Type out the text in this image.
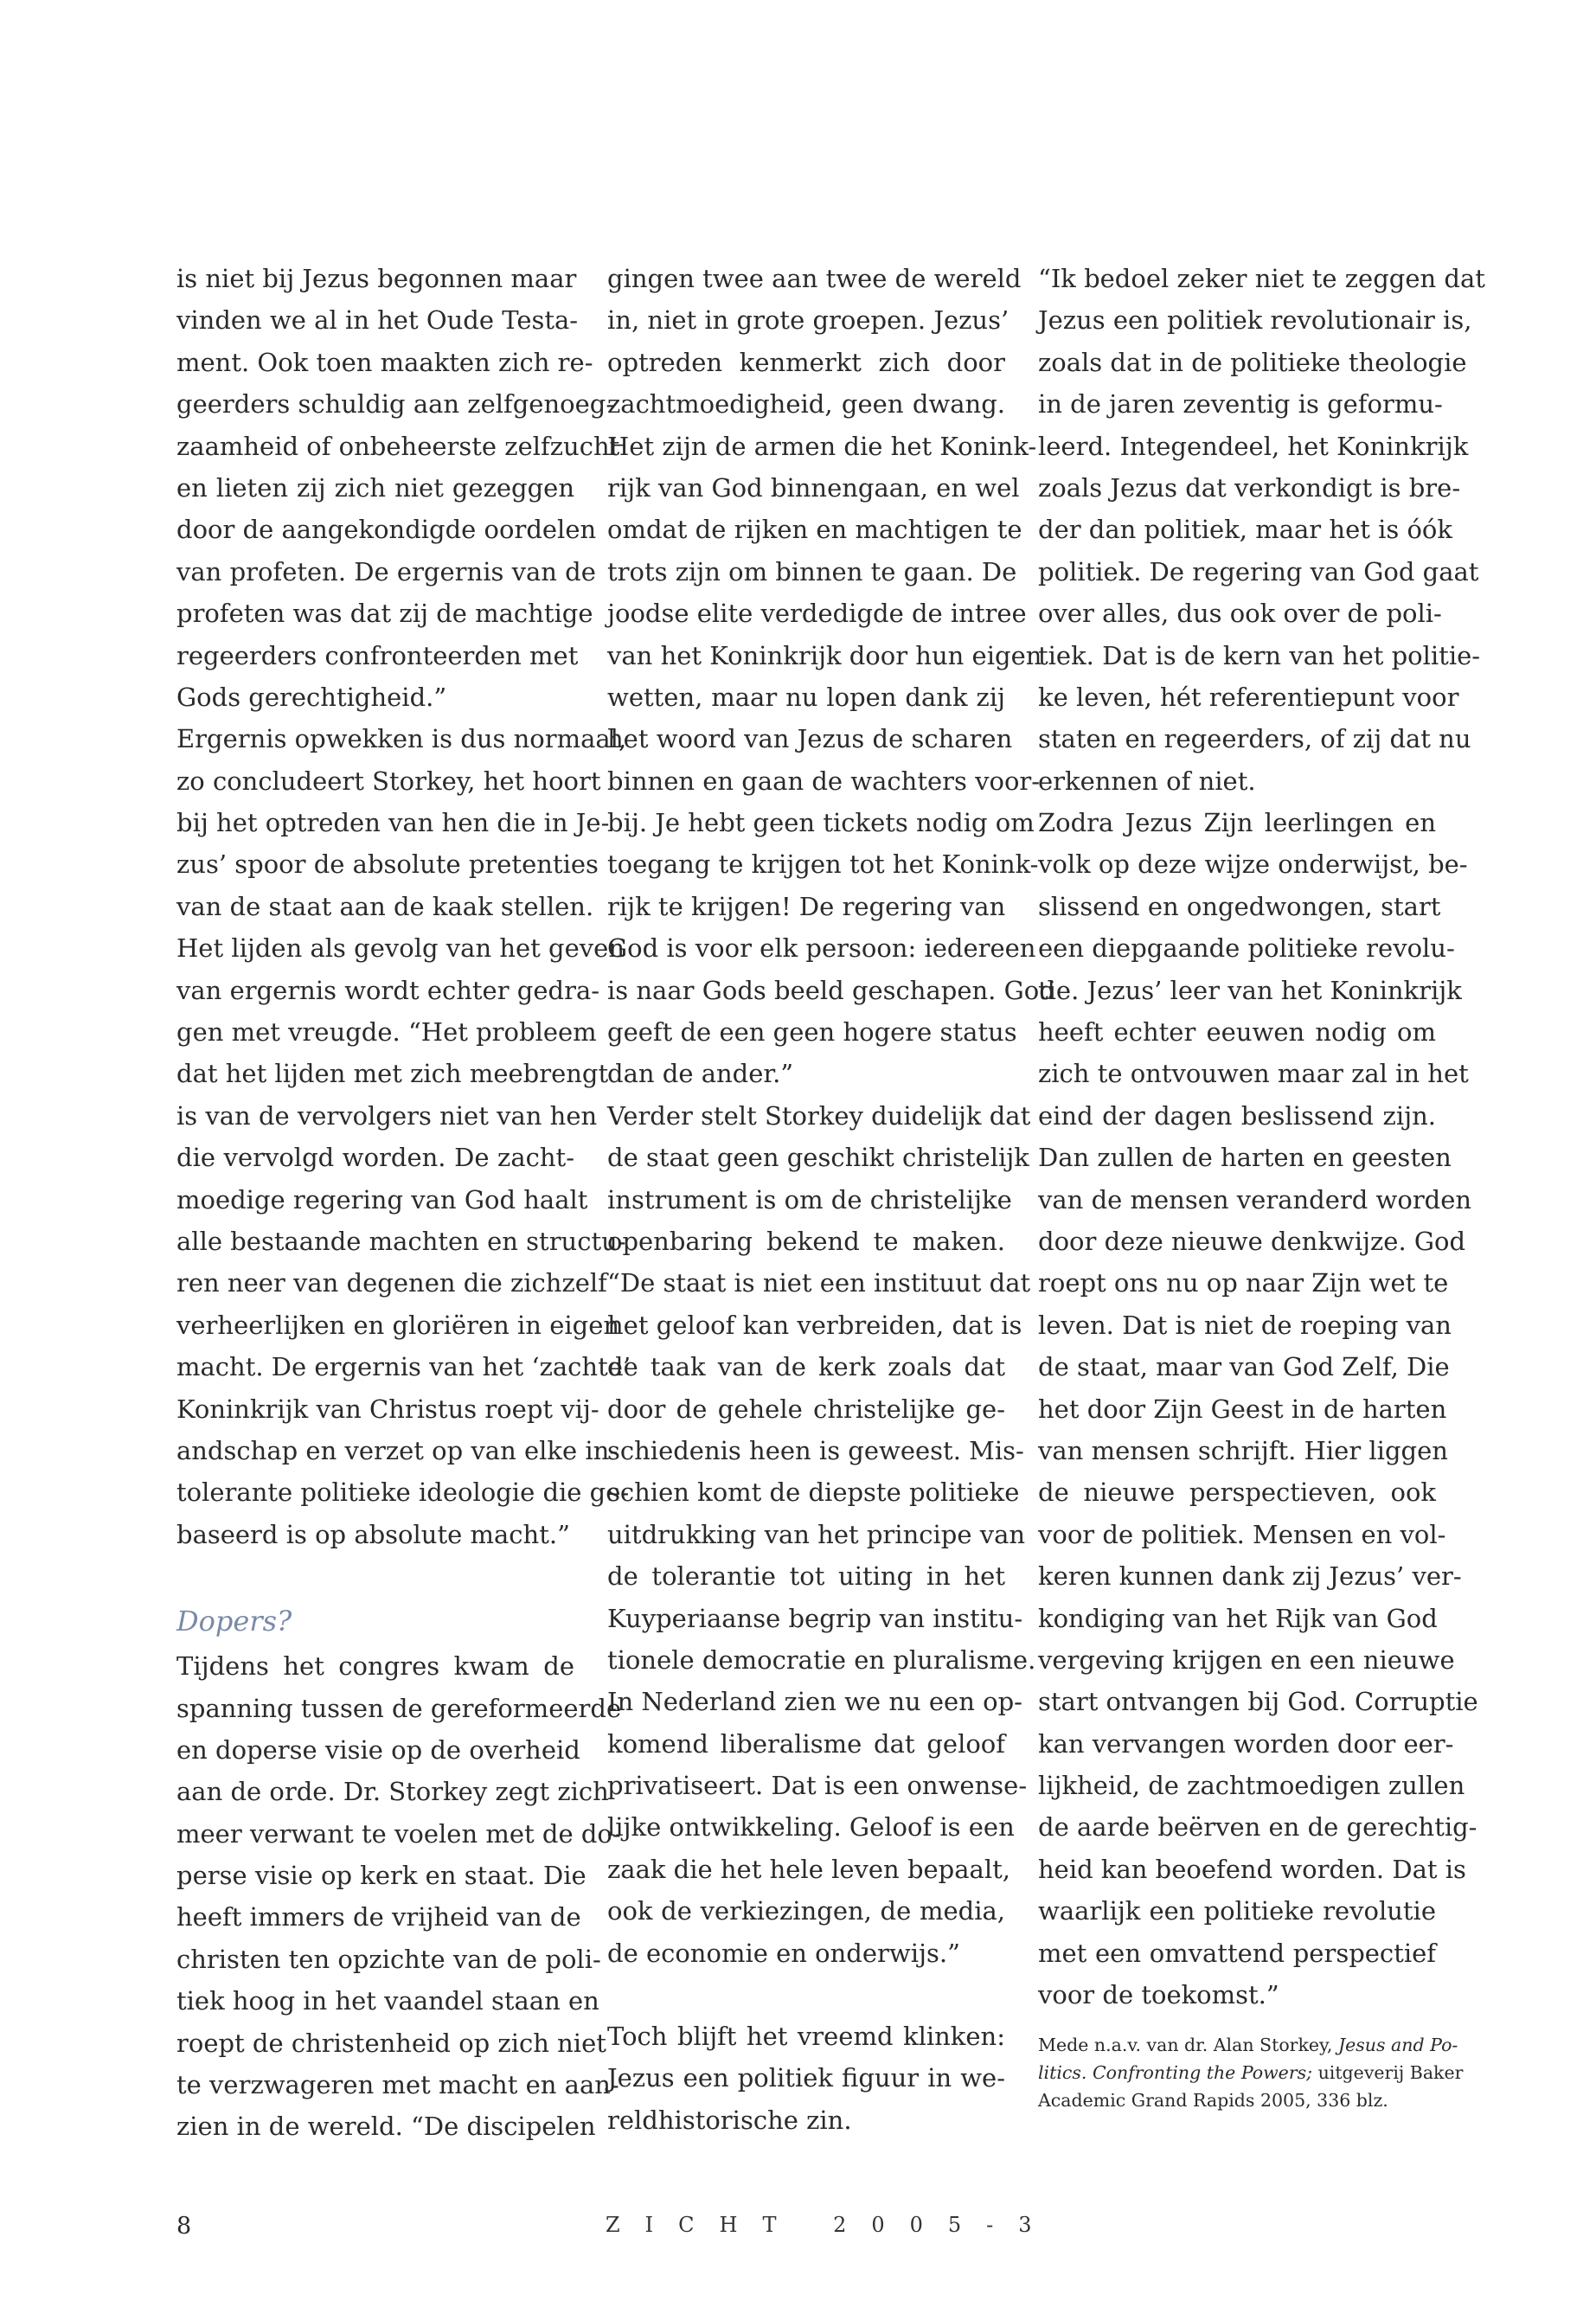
is niet bij Jezus begonnen maar
vinden we al in het Oude Testa-
ment. Ook toen maakten zich re-
geerders schuldig aan zelfgenoeg-
zaamheid of onbeheerste zelfzucht
en lieten zij zich niet gezeggen
door de aangekondigde oordelen
van profeten. De ergernis van de
profeten was dat zij de machtige
regeerders confronteerden met
Gods gerechtigheid.”
Ergernis opwekken is dus normaal,
zo concludeert Storkey, het hoort
bij het optreden van hen die in Je-
zus’ spoor de absolute pretenties
van de staat aan de kaak stellen.
Het lijden als gevolg van het geven
van ergernis wordt echter gedra-
gen met vreugde. “Het probleem
dat het lijden met zich meebrengt
is van de vervolgers niet van hen
die vervolgd worden. De zacht-
moedige regering van God haalt
alle bestaande machten en structu-
ren neer van degenen die zichzelf
verheerlijken en gloriëren in eigen
macht. De ergernis van het ‘zachte’
Koninkrijk van Christus roept vij-
andschap en verzet op van elke in-
tolerante politieke ideologie die ge-
baseerd is op absolute macht.”
Dopers?
Tijdens het congres kwam de
spanning tussen de gereformeerde
en doperse visie op de overheid
aan de orde. Dr. Storkey zegt zich
meer verwant te voelen met de do-
perse visie op kerk en staat. Die
heeft immers de vrijheid van de
christen ten opzichte van de poli-
tiek hoog in het vaandel staan en
roept de christenheid op zich niet
te verzwageren met macht en aan-
zien in de wereld. “De discipelen
gingen twee aan twee de wereld
in, niet in grote groepen. Jezus’
optreden kenmerkt zich door
zachtmoedigheid, geen dwang.
Het zijn de armen die het Konink-
rijk van God binnengaan, en wel
omdat de rijken en machtigen te
trots zijn om binnen te gaan. De
joodse elite verdedigde de intree
van het Koninkrijk door hun eigen
wetten, maar nu lopen dank zij
het woord van Jezus de scharen
binnen en gaan de wachters voor-
bij. Je hebt geen tickets nodig om
toegang te krijgen tot het Konink-
rijk te krijgen! De regering van
God is voor elk persoon: iedereen
is naar Gods beeld geschapen. God
geeft de een geen hogere status
dan de ander.”
Verder stelt Storkey duidelijk dat
de staat geen geschikt christelijk
instrument is om de christelijke
openbaring bekend te maken.
“De staat is niet een instituut dat
het geloof kan verbreiden, dat is
de taak van de kerk zoals dat
door de gehele christelijke ge-
schiedenis heen is geweest. Mis-
schien komt de diepste politieke
uitdrukking van het principe van
de tolerantie tot uiting in het
Kuyperiaanse begrip van institu-
tionele democratie en pluralisme.
In Nederland zien we nu een op-
komend liberalisme dat geloof
privatiseert. Dat is een onwense-
lijke ontwikkeling. Geloof is een
zaak die het hele leven bepaalt,
ook de verkiezingen, de media,
de economie en onderwijs.”
Toch blijft het vreemd klinken:
Jezus een politiek figuur in we-
reldhistorische zin.
“Ik bedoel zeker niet te zeggen dat
Jezus een politiek revolutionair is,
zoals dat in de politieke theologie
in de jaren zeventig is geformu-
leerd. Integendeel, het Koninkrijk
zoals Jezus dat verkondigt is bre-
der dan politiek, maar het is óók
politiek. De regering van God gaat
over alles, dus ook over de poli-
tiek. Dat is de kern van het politie-
ke leven, hét referentiepunt voor
staten en regeerders, of zij dat nu
erkennen of niet.
Zodra Jezus Zijn leerlingen en
volk op deze wijze onderwijst, be-
slissend en ongedwongen, start
een diepgaande politieke revolu-
tie. Jezus’ leer van het Koninkrijk
heeft echter eeuwen nodig om
zich te ontvouwen maar zal in het
eind der dagen beslissend zijn.
Dan zullen de harten en geesten
van de mensen veranderd worden
door deze nieuwe denkwijze. God
roept ons nu op naar Zijn wet te
leven. Dat is niet de roeping van
de staat, maar van God Zelf, Die
het door Zijn Geest in de harten
van mensen schrijft. Hier liggen
de nieuwe perspectieven, ook
voor de politiek. Mensen en vol-
keren kunnen dank zij Jezus’ ver-
kondiging van het Rijk van God
vergeving krijgen en een nieuwe
start ontvangen bij God. Corruptie
kan vervangen worden door eer-
lijkheid, de zachtmoedigen zullen
de aarde beërven en de gerechtig-
heid kan beoefend worden. Dat is
waarlijk een politieke revolutie
met een omvattend perspectief
voor de toekomst.”
Mede n.a.v. van dr. Alan Storkey, Jesus and Po-
litics. Confronting the Powers; uitgeverij Baker
Academic Grand Rapids 2005, 336 blz.
8	ZICHT 2005-3
